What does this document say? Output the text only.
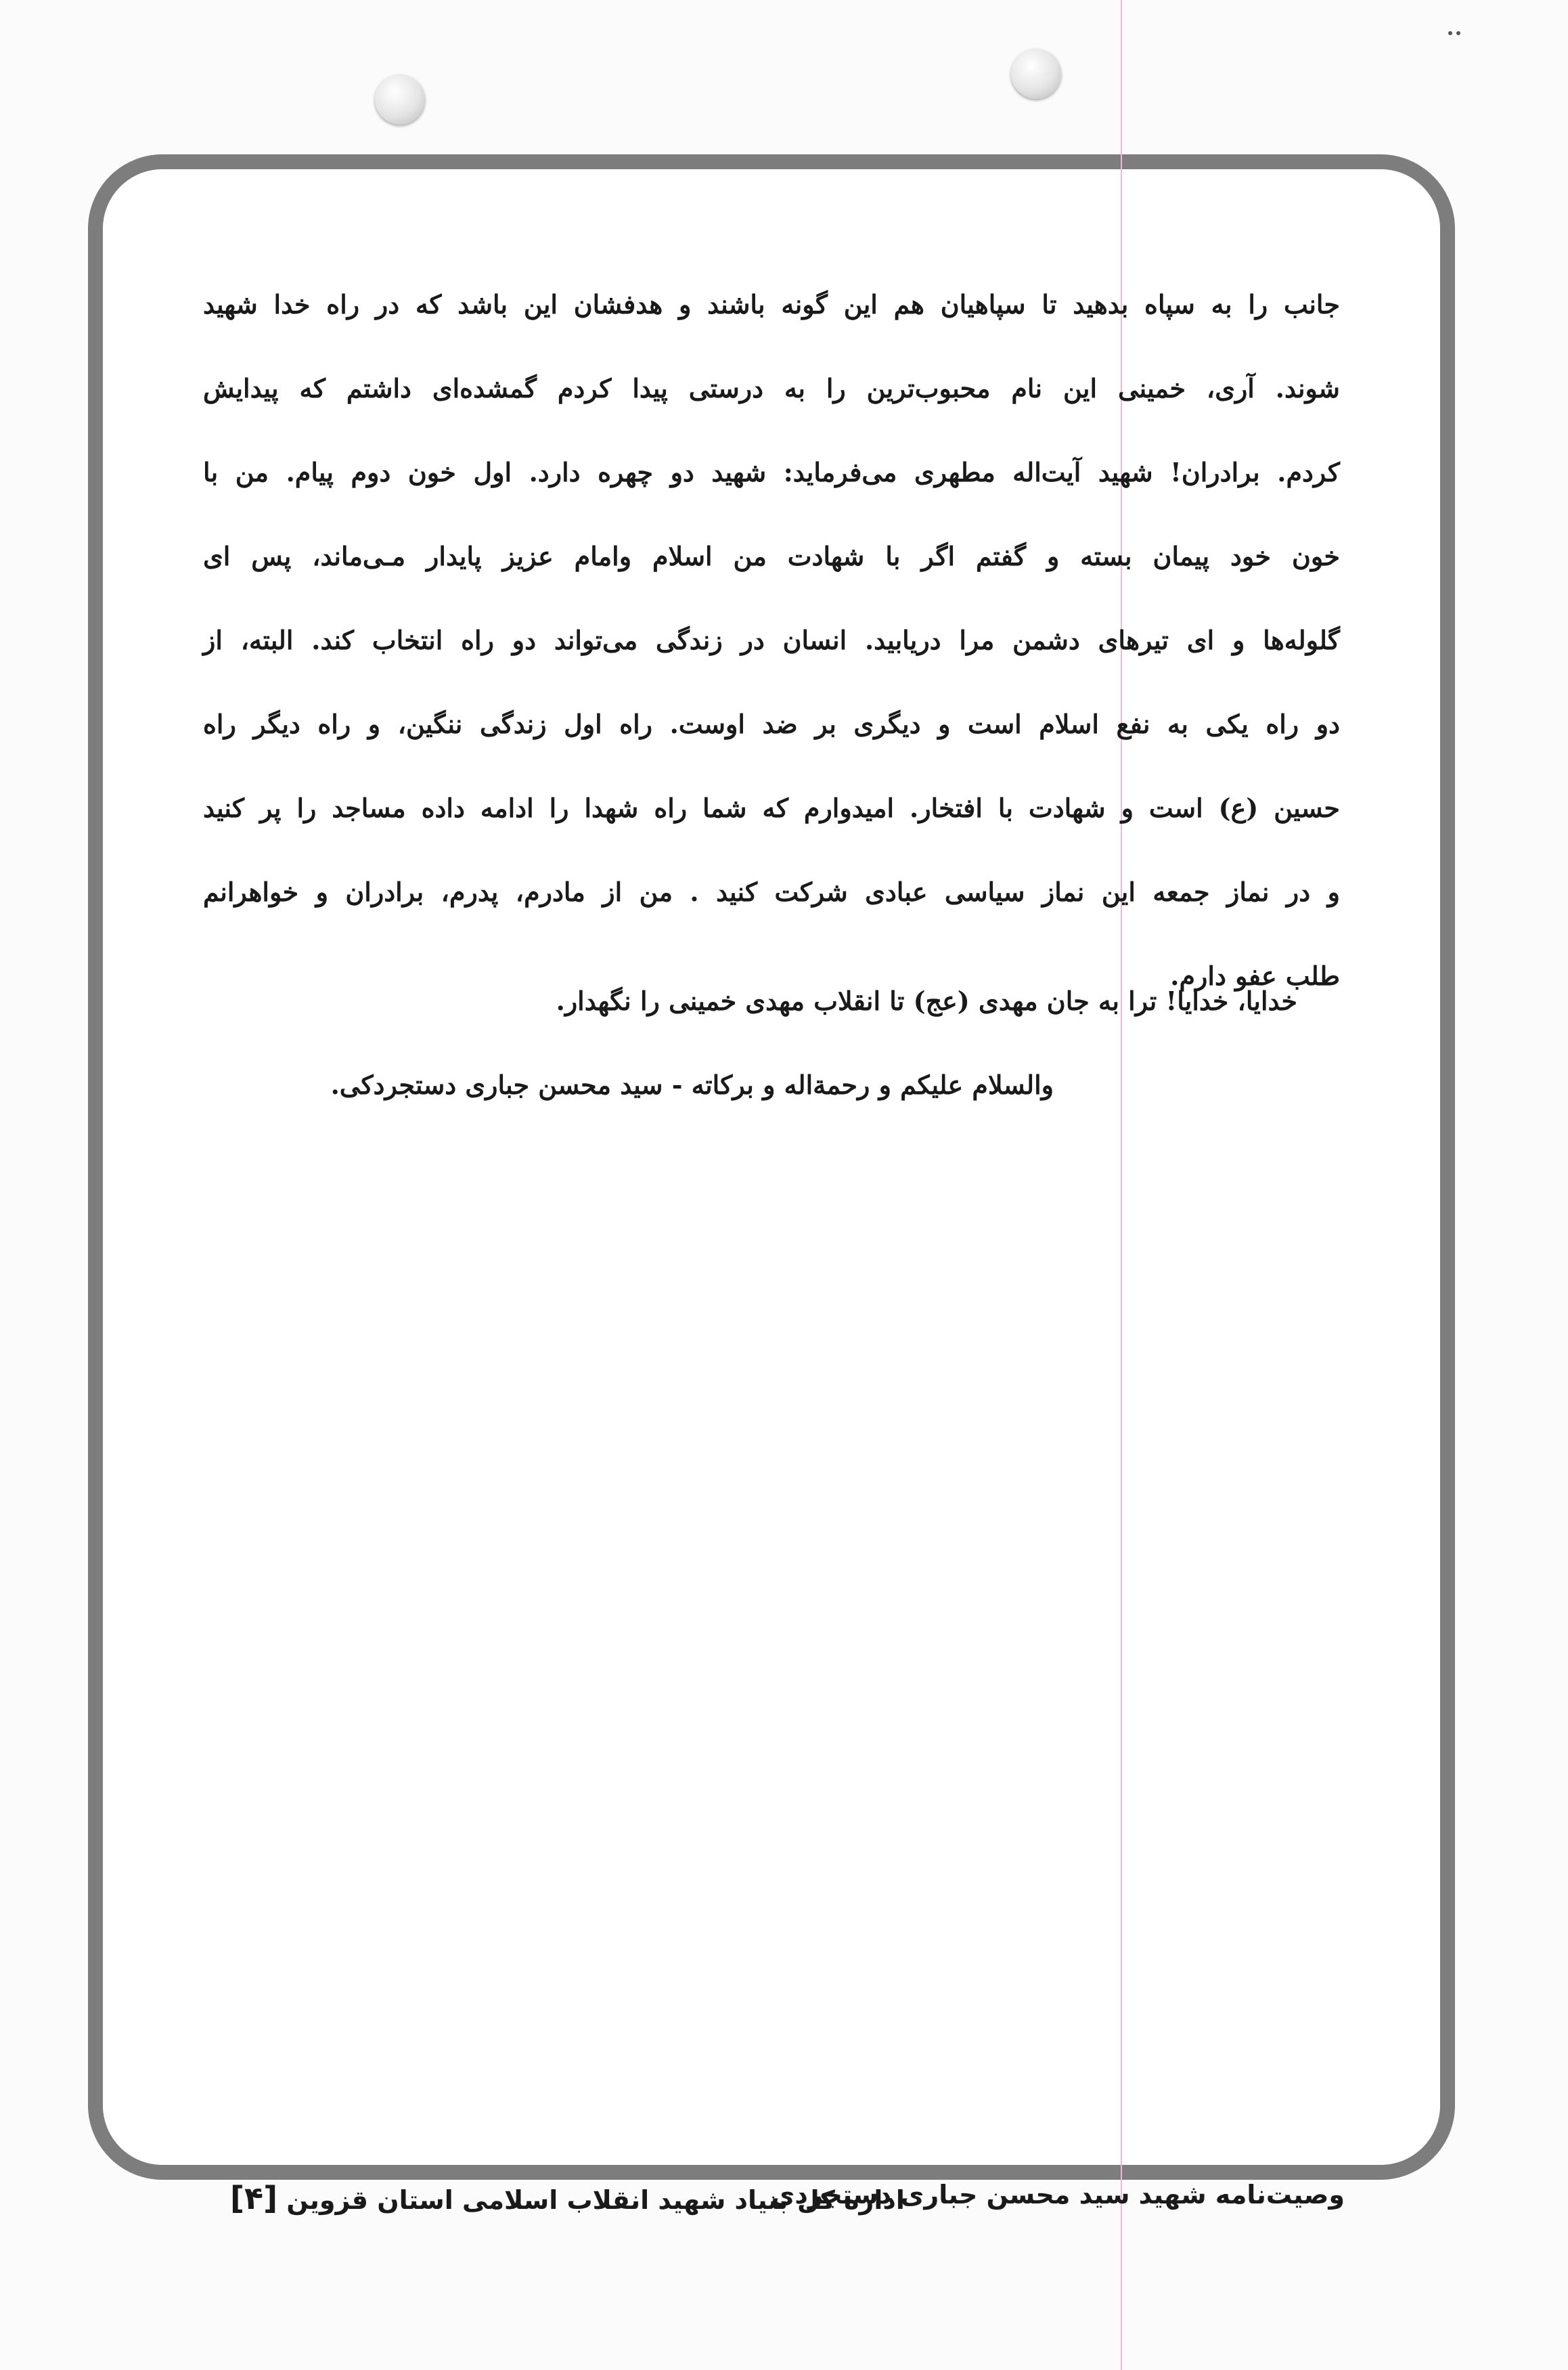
جانب را به سپاه بدهید تا سپاهیان هم این گونه باشند و هدفشان این باشد که در راه خدا شهید
شوند. آری، خمینی این نام محبوب‌ترین را به درستی پیدا کردم گمشده‌ای داشتم که پیدایش
کردم. برادران! شهید آیت‌اله مطهری می‌فرماید: شهید دو چهره دارد. اول خون دوم پیام. من با
خون خود پیمان بسته و گفتم اگر با شهادت من اسلام وامام عزیز پایدار مـی‌ماند، پس ای
گلوله‌ها و ای تیرهای دشمن مرا دریابید. انسان در زندگی می‌تواند دو راه انتخاب کند. البته، از
دو راه یکی به نفع اسلام است و دیگری بر ضد اوست. راه اول زندگی ننگین، و راه دیگر راه
حسین (ع) است و شهادت با افتخار. امیدوارم که شما راه شهدا را ادامه داده مساجد را پر کنید
و در نماز جمعه این نماز سیاسی عبادی شرکت کنید . من از مادرم، پدرم، برادران و خواهرانم
طلب عفو دارم.
خدایا، خدایا! ترا به جان مهدی (عج) تا انقلاب مهدی خمینی را نگهدار.
والسلام علیکم و رحمةاله و برکاته - سید محسن جباری دستجردکی.
اداره کل بنیاد شهید انقلاب اسلامی استان قزوین [۴]	وصیت‌نامه شهید سید محسن جباری دستجردی
